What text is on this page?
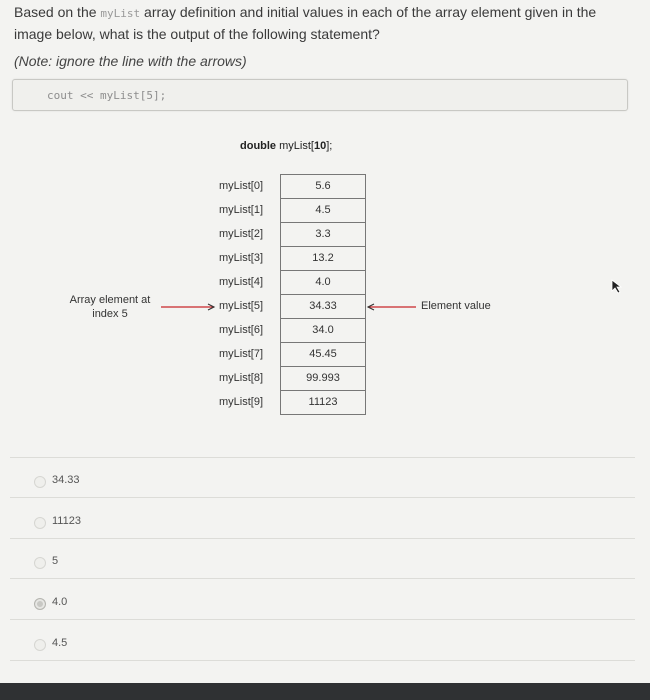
Based on the myList array definition and initial values in each of the array element given in the image below, what is the output of the following statement?
(Note: ignore the line with the arrows)
cout << myList[5];
double myList[10];
myList[0]
myList[1]
myList[2]
myList[3]
myList[4]
myList[5]
myList[6]
myList[7]
myList[8]
myList[9]
5.6
4.5
3.3
13.2
4.0
34.33
34.0
45.45
99.993
11123
Array element at index 5
Element value
34.33
11123
5
4.0
4.5
